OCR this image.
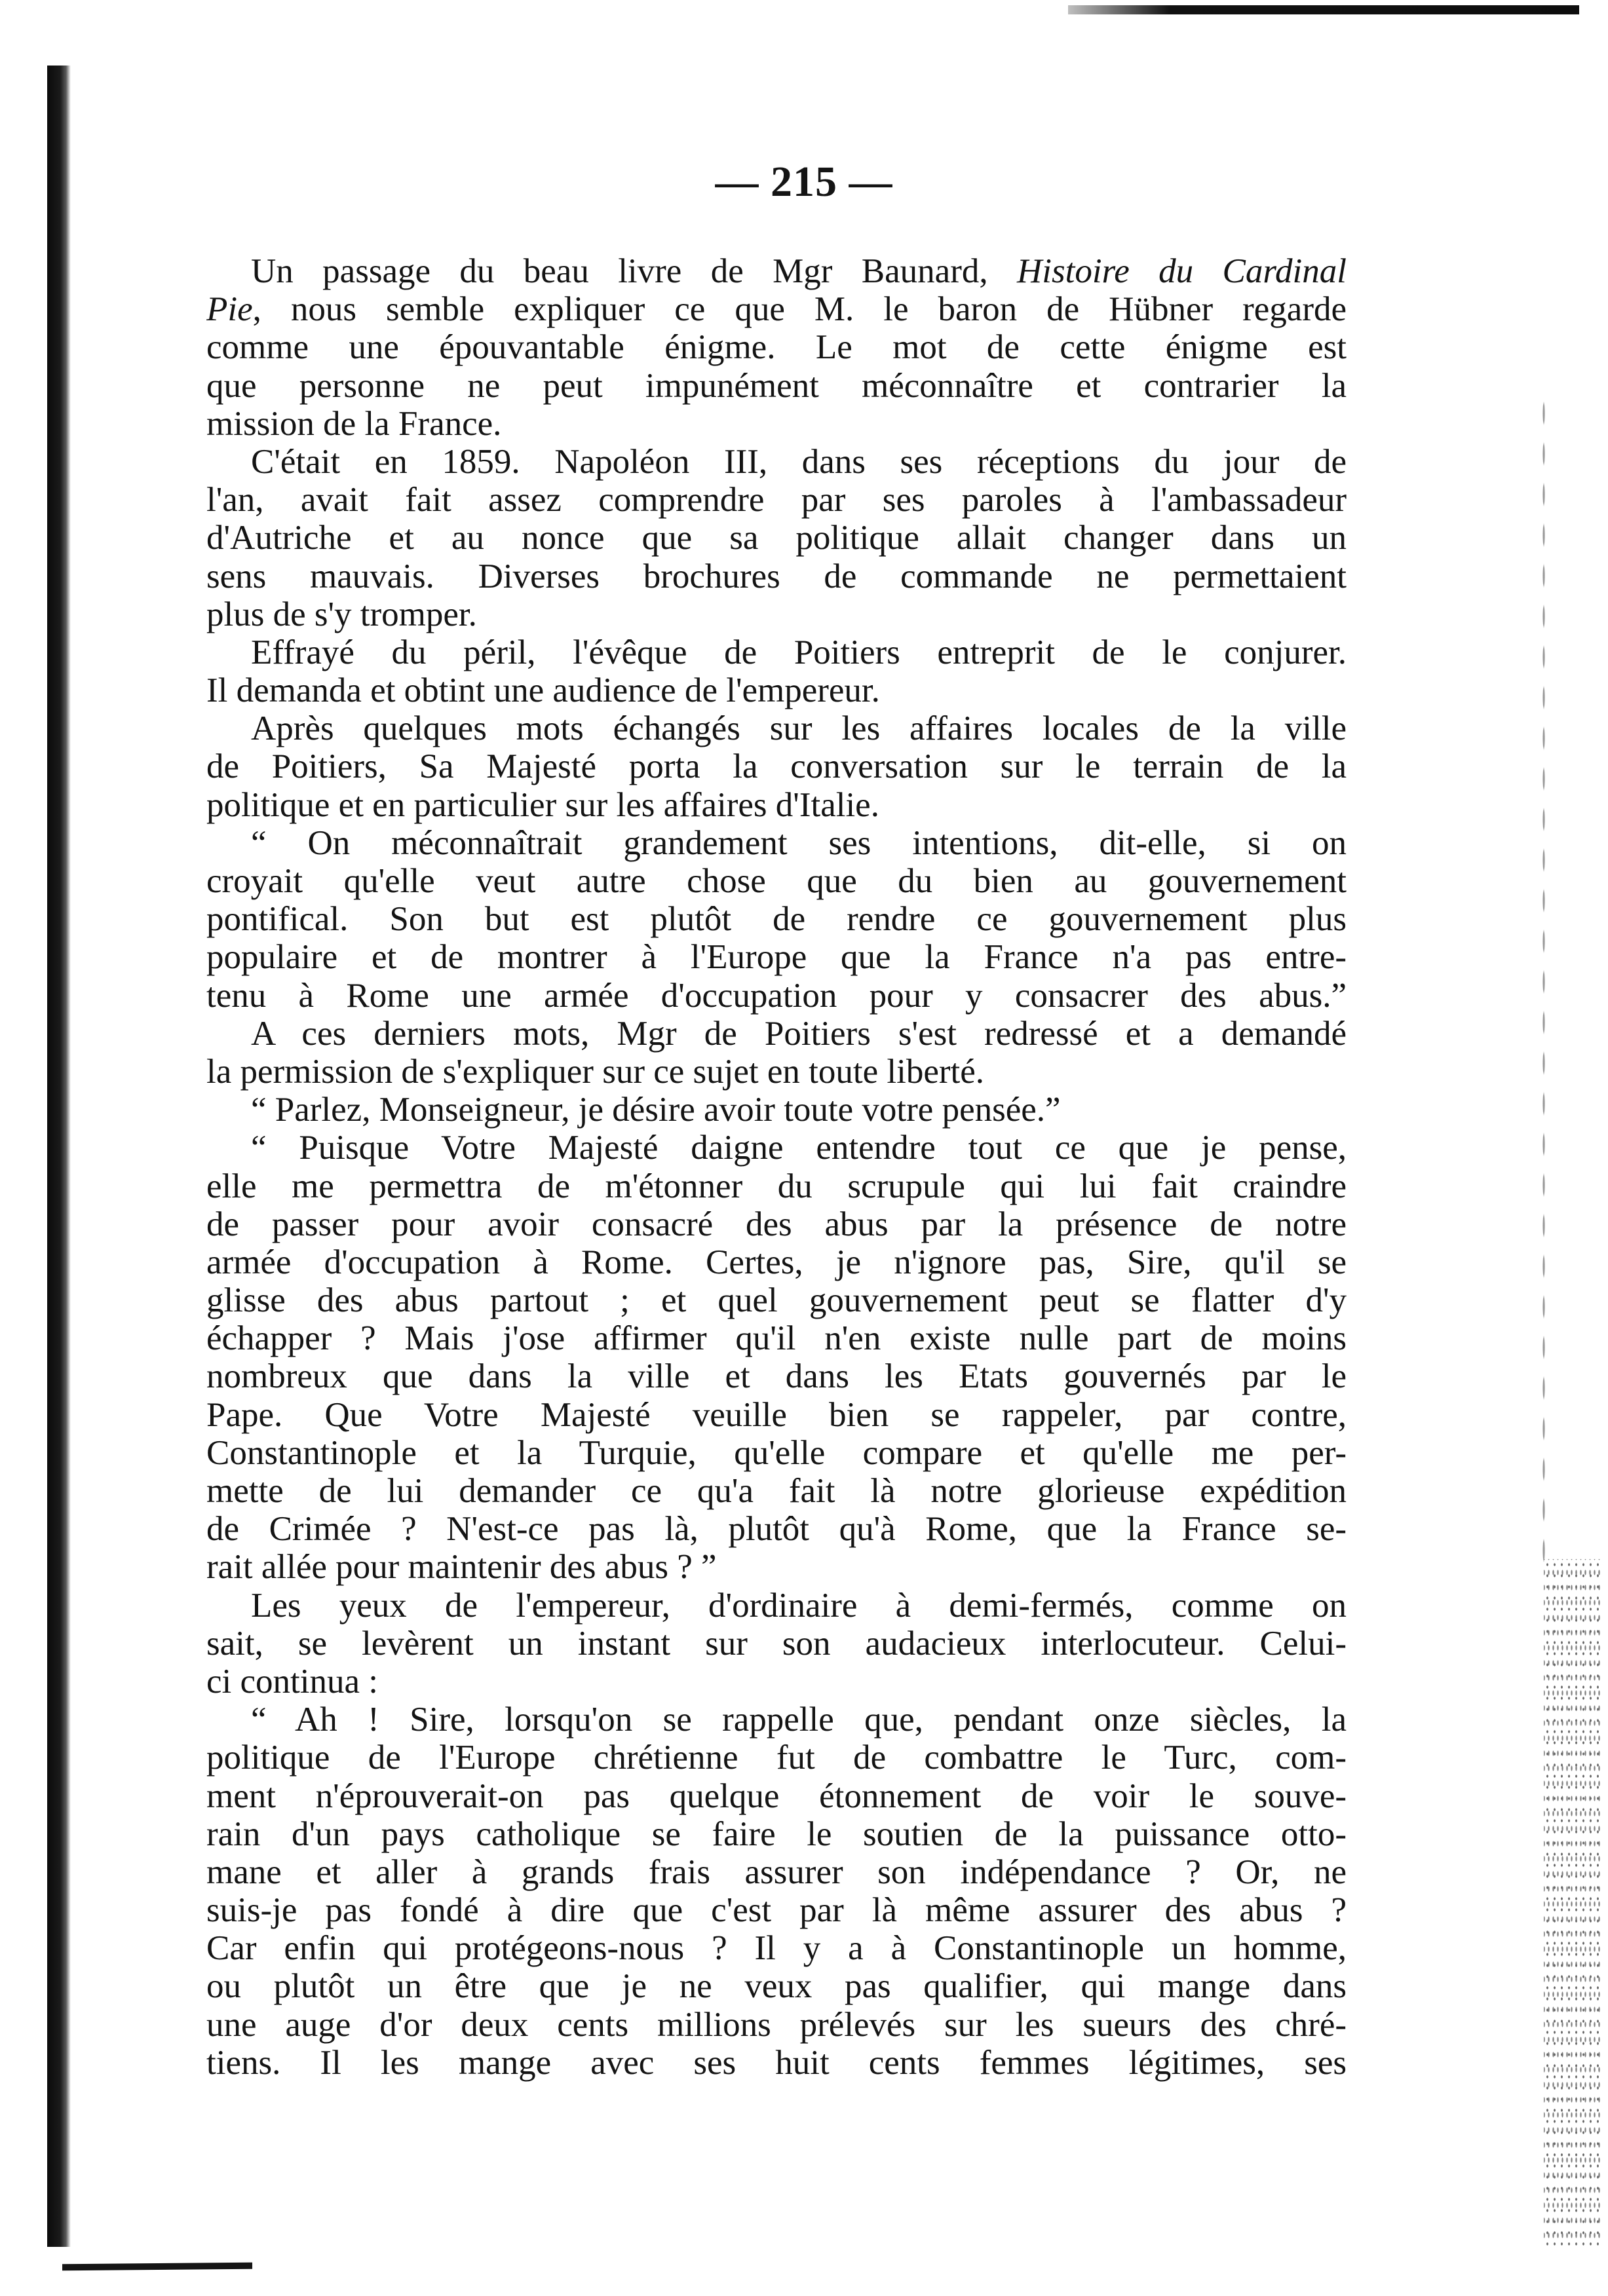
— 215 —
Un passage du beau livre de Mgr Baunard, Histoire du Cardinal
Pie, nous semble expliquer ce que M. le baron de Hübner regarde
comme une épouvantable énigme. Le mot de cette énigme est
que personne ne peut impunément méconnaître et contrarier la
mission de la France.
C'était en 1859. Napoléon III, dans ses réceptions du jour de
l'an, avait fait assez comprendre par ses paroles à l'ambassadeur
d'Autriche et au nonce que sa politique allait changer dans un
sens mauvais. Diverses brochures de commande ne permettaient
plus de s'y tromper.
Effrayé du péril, l'évêque de Poitiers entreprit de le conjurer.
Il demanda et obtint une audience de l'empereur.
Après quelques mots échangés sur les affaires locales de la ville
de Poitiers, Sa Majesté porta la conversation sur le terrain de la
politique et en particulier sur les affaires d'Italie.
“ On méconnaîtrait grandement ses intentions, dit-elle, si on
croyait qu'elle veut autre chose que du bien au gouvernement
pontifical. Son but est plutôt de rendre ce gouvernement plus
populaire et de montrer à l'Europe que la France n'a pas entre-
tenu à Rome une armée d'occupation pour y consacrer des abus.”
A ces derniers mots, Mgr de Poitiers s'est redressé et a demandé
la permission de s'expliquer sur ce sujet en toute liberté.
“ Parlez, Monseigneur, je désire avoir toute votre pensée.”
“ Puisque Votre Majesté daigne entendre tout ce que je pense,
elle me permettra de m'étonner du scrupule qui lui fait craindre
de passer pour avoir consacré des abus par la présence de notre
armée d'occupation à Rome. Certes, je n'ignore pas, Sire, qu'il se
glisse des abus partout ; et quel gouvernement peut se flatter d'y
échapper ? Mais j'ose affirmer qu'il n'en existe nulle part de moins
nombreux que dans la ville et dans les Etats gouvernés par le
Pape. Que Votre Majesté veuille bien se rappeler, par contre,
Constantinople et la Turquie, qu'elle compare et qu'elle me per-
mette de lui demander ce qu'a fait là notre glorieuse expédition
de Crimée ? N'est-ce pas là, plutôt qu'à Rome, que la France se-
rait allée pour maintenir des abus ? ”
Les yeux de l'empereur, d'ordinaire à demi-fermés, comme on
sait, se levèrent un instant sur son audacieux interlocuteur. Celui-
ci continua :
“ Ah ! Sire, lorsqu'on se rappelle que, pendant onze siècles, la
politique de l'Europe chrétienne fut de combattre le Turc, com-
ment n'éprouverait-on pas quelque étonnement de voir le souve-
rain d'un pays catholique se faire le soutien de la puissance otto-
mane et aller à grands frais assurer son indépendance ? Or, ne
suis-je pas fondé à dire que c'est par là même assurer des abus ?
Car enfin qui protégeons-nous ? Il y a à Constantinople un homme,
ou plutôt un être que je ne veux pas qualifier, qui mange dans
une auge d'or deux cents millions prélevés sur les sueurs des chré-
tiens. Il les mange avec ses huit cents femmes légitimes, ses
